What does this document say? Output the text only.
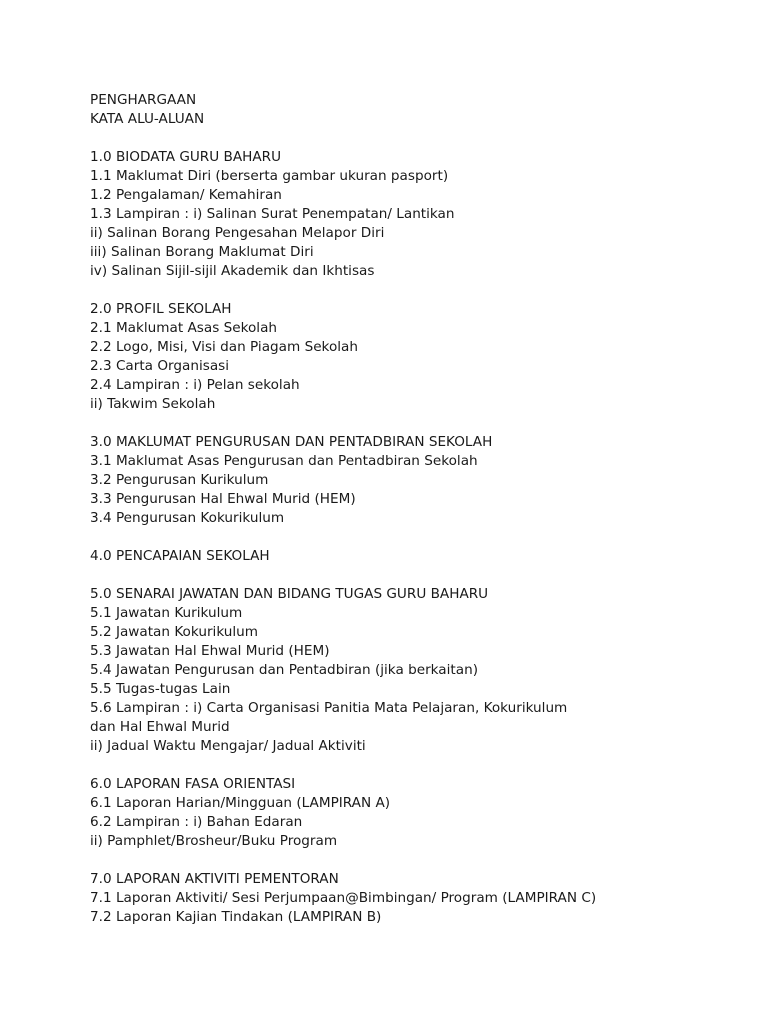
PENGHARGAAN
KATA ALU-ALUAN
1.0 BIODATA GURU BAHARU
1.1 Maklumat Diri (berserta gambar ukuran pasport)
1.2 Pengalaman/ Kemahiran
1.3 Lampiran : i) Salinan Surat Penempatan/ Lantikan
ii) Salinan Borang Pengesahan Melapor Diri
iii) Salinan Borang Maklumat Diri
iv) Salinan Sijil-sijil Akademik dan Ikhtisas
2.0 PROFIL SEKOLAH
2.1 Maklumat Asas Sekolah
2.2 Logo, Misi, Visi dan Piagam Sekolah
2.3 Carta Organisasi
2.4 Lampiran : i) Pelan sekolah
ii) Takwim Sekolah
3.0 MAKLUMAT PENGURUSAN DAN PENTADBIRAN SEKOLAH
3.1 Maklumat Asas Pengurusan dan Pentadbiran Sekolah
3.2 Pengurusan Kurikulum
3.3 Pengurusan Hal Ehwal Murid (HEM)
3.4 Pengurusan Kokurikulum
4.0 PENCAPAIAN SEKOLAH
5.0 SENARAI JAWATAN DAN BIDANG TUGAS GURU BAHARU
5.1 Jawatan Kurikulum
5.2 Jawatan Kokurikulum
5.3 Jawatan Hal Ehwal Murid (HEM)
5.4 Jawatan Pengurusan dan Pentadbiran (jika berkaitan)
5.5 Tugas-tugas Lain
5.6 Lampiran : i) Carta Organisasi Panitia Mata Pelajaran, Kokurikulum
dan Hal Ehwal Murid
ii) Jadual Waktu Mengajar/ Jadual Aktiviti
6.0 LAPORAN FASA ORIENTASI
6.1 Laporan Harian/Mingguan (LAMPIRAN A)
6.2 Lampiran : i) Bahan Edaran
ii) Pamphlet/Brosheur/Buku Program
7.0 LAPORAN AKTIVITI PEMENTORAN
7.1 Laporan Aktiviti/ Sesi Perjumpaan@Bimbingan/ Program (LAMPIRAN C)
7.2 Laporan Kajian Tindakan (LAMPIRAN B)
